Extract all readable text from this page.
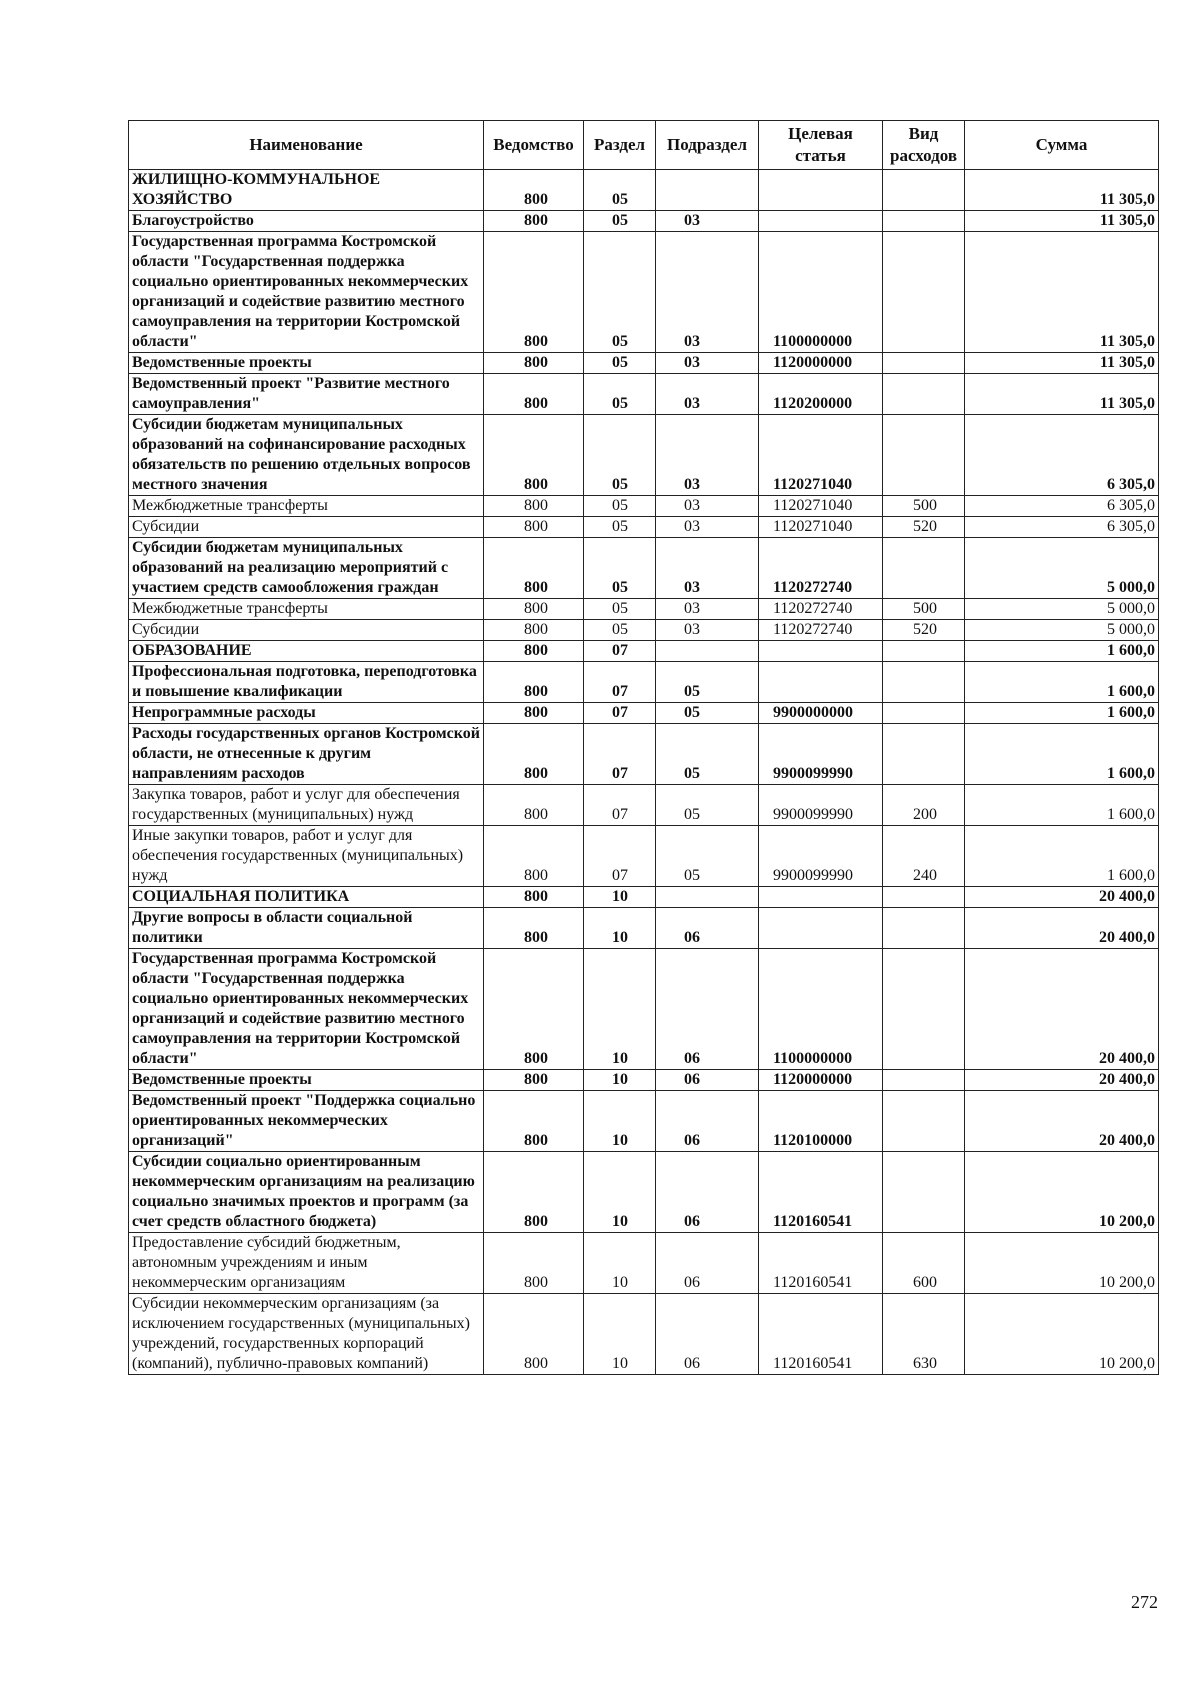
Наименование	Ведомство	Раздел	Подраздел	Целевая статья	Вид расходов	Сумма
ЖИЛИЩНО-КОММУНАЛЬНОЕ ХОЗЯЙСТВО	800	05				11 305,0
Благоустройство	800	05	03			11 305,0
Государственная программа Костромской области "Государственная поддержка социально ориентированных некоммерческих организаций и содействие развитию местного самоуправления на территории Костромской области"	800	05	03	1100000000		11 305,0
Ведомственные проекты	800	05	03	1120000000		11 305,0
Ведомственный проект "Развитие местного самоуправления"	800	05	03	1120200000		11 305,0
Субсидии бюджетам муниципальных образований на софинансирование расходных обязательств по решению отдельных вопросов местного значения	800	05	03	1120271040		6 305,0
Межбюджетные трансферты	800	05	03	1120271040	500	6 305,0
Субсидии	800	05	03	1120271040	520	6 305,0
Субсидии бюджетам муниципальных образований на реализацию мероприятий с участием средств самообложения граждан	800	05	03	1120272740		5 000,0
Межбюджетные трансферты	800	05	03	1120272740	500	5 000,0
Субсидии	800	05	03	1120272740	520	5 000,0
ОБРАЗОВАНИЕ	800	07				1 600,0
Профессиональная подготовка, переподготовка и повышение квалификации	800	07	05			1 600,0
Непрограммные расходы	800	07	05	9900000000		1 600,0
Расходы государственных органов Костромской области, не отнесенные к другим направлениям расходов	800	07	05	9900099990		1 600,0
Закупка товаров, работ и услуг для обеспечения государственных (муниципальных) нужд	800	07	05	9900099990	200	1 600,0
Иные закупки товаров, работ и услуг для обеспечения государственных (муниципальных) нужд	800	07	05	9900099990	240	1 600,0
СОЦИАЛЬНАЯ ПОЛИТИКА	800	10				20 400,0
Другие вопросы в области социальной политики	800	10	06			20 400,0
Государственная программа Костромской области "Государственная поддержка социально ориентированных некоммерческих организаций и содействие развитию местного самоуправления на территории Костромской области"	800	10	06	1100000000		20 400,0
Ведомственные проекты	800	10	06	1120000000		20 400,0
Ведомственный проект "Поддержка социально ориентированных некоммерческих организаций"	800	10	06	1120100000		20 400,0
Субсидии социально ориентированным некоммерческим организациям на реализацию социально значимых проектов и программ (за счет средств областного бюджета)	800	10	06	1120160541		10 200,0
Предоставление субсидий бюджетным, автономным учреждениям и иным некоммерческим организациям	800	10	06	1120160541	600	10 200,0
Субсидии некоммерческим организациям (за исключением государственных (муниципальных) учреждений, государственных корпораций (компаний), публично-правовых компаний)	800	10	06	1120160541	630	10 200,0
272
